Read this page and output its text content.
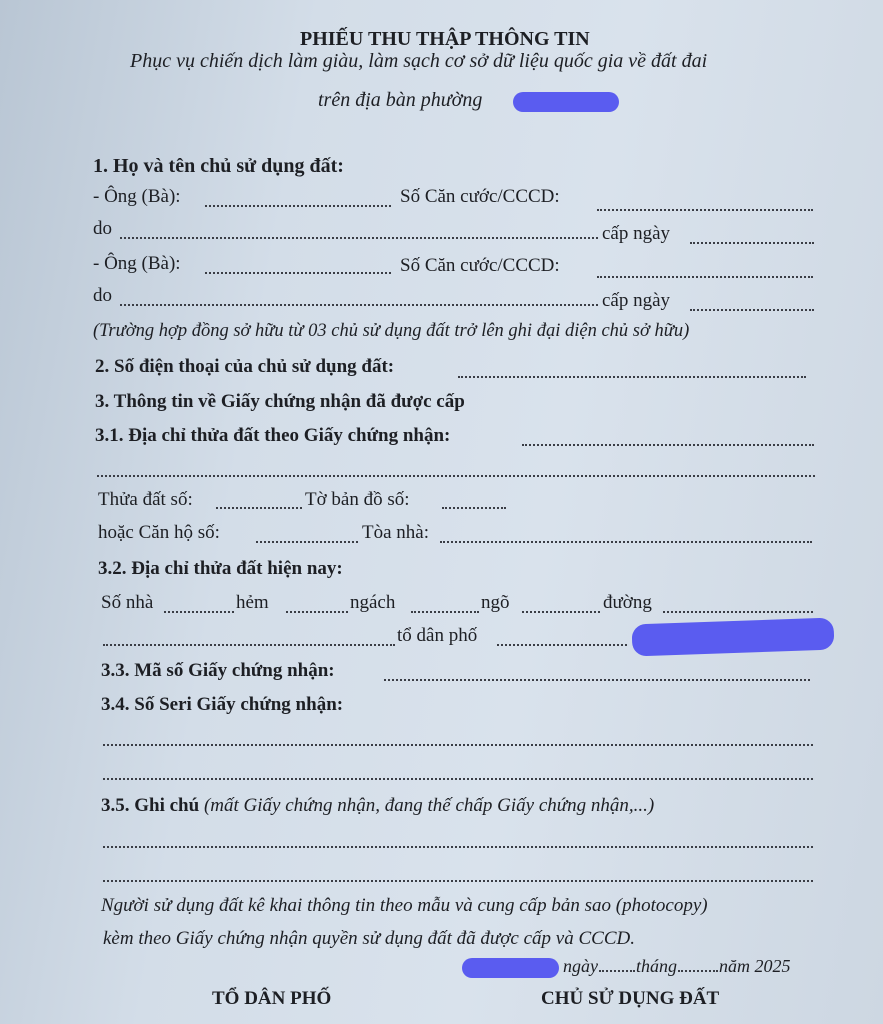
PHIẾU THU THẬP THÔNG TIN
Phục vụ chiến dịch làm giàu, làm sạch cơ sở dữ liệu quốc gia về đất đai
trên địa bàn phường
1. Họ và tên chủ sử dụng đất:
- Ông (Bà):	Số Căn cước/CCCD:
do	cấp ngày
- Ông (Bà):	Số Căn cước/CCCD:
do	cấp ngày
(Trường hợp đồng sở hữu từ 03 chủ sử dụng đất trở lên ghi đại diện chủ sở hữu)
2. Số điện thoại của chủ sử dụng đất:
3. Thông tin về Giấy chứng nhận đã được cấp
3.1. Địa chỉ thửa đất theo Giấy chứng nhận:
Thửa đất số:	Tờ bản đồ số:
hoặc Căn hộ số:	Tòa nhà:
3.2. Địa chỉ thửa đất hiện nay:
Số nhà	hẻm	ngách	ngõ	đường
tổ dân phố
3.3. Mã số Giấy chứng nhận:
3.4. Số Seri Giấy chứng nhận:
3.5. Ghi chú (mất Giấy chứng nhận, đang thế chấp Giấy chứng nhận,...)
Người sử dụng đất kê khai thông tin theo mẫu và cung cấp bản sao (photocopy)
kèm theo Giấy chứng nhận quyền sử dụng đất đã được cấp và CCCD.
ngày tháng năm 2025
TỔ DÂN PHỐ	CHỦ SỬ DỤNG ĐẤT
